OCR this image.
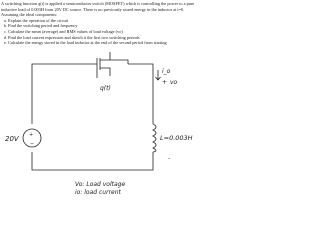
A switching function q(t) is applied a semiconductor switch (MOSFET) which is controlling the power to a pure inductive load of 0.003H from 20V DC source. There is no previously stored energy in the inductor at t=0. Assuming the ideal components:

a. Explain the operation of the circuit
b. Find the switching period and frequency
c. Calculate the mean (average) and RMS values of load voltage (vo)
d. Find the load current expression and sketch it the first two switching periods
e. Calculate the energy stored in the load inductor at the end of the second period from starting
+
−
20V
q(t)
L=0.003H
i_o
+ vo
-
Vo: Load voltage
io: load current
